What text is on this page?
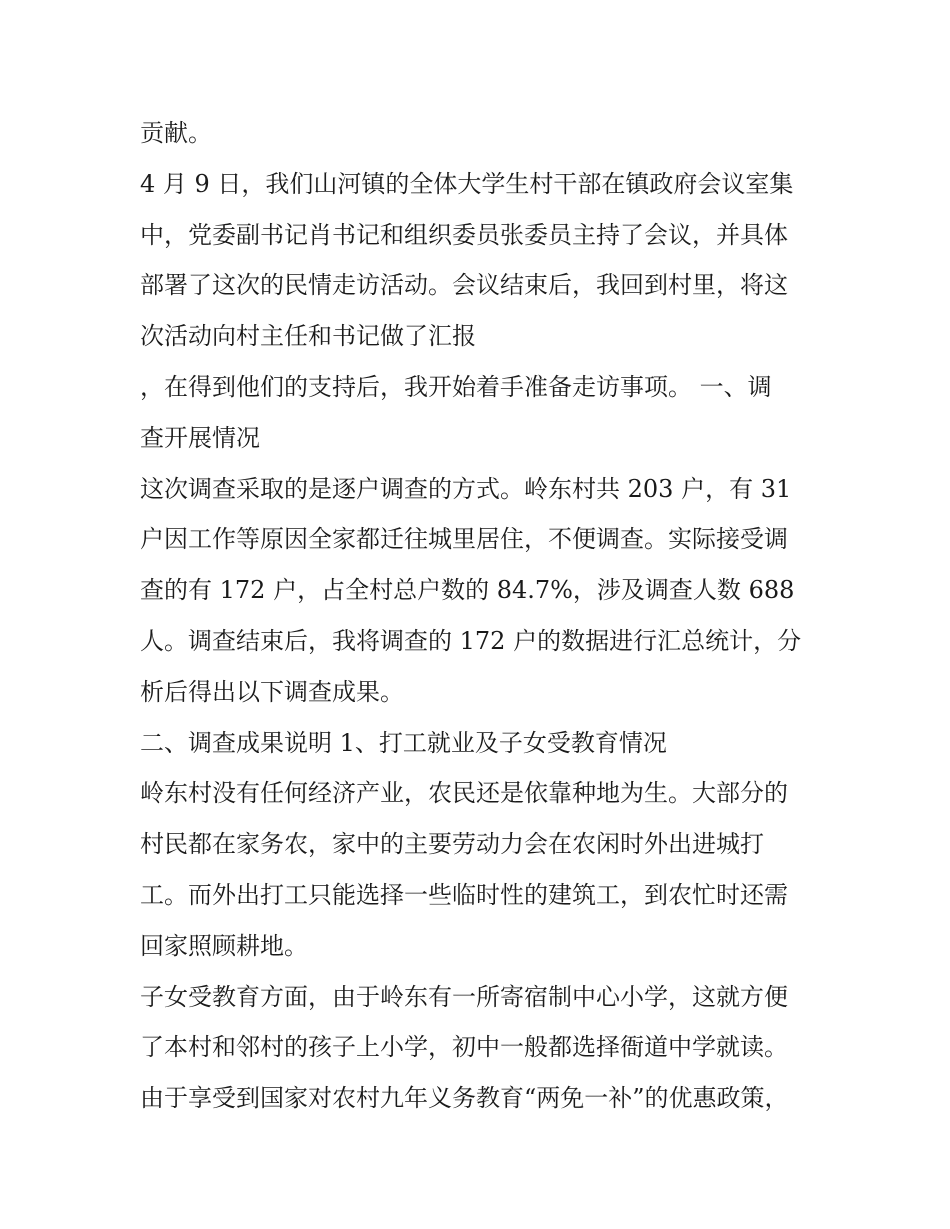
贡献。
4 月 9 日，我们山河镇的全体大学生村干部在镇政府会议室集
中，党委副书记肖书记和组织委员张委员主持了会议，并具体
部署了这次的民情走访活动。会议结束后，我回到村里，将这
次活动向村主任和书记做了汇报
，在得到他们的支持后，我开始着手准备走访事项。 一、调
查开展情况
这次调查采取的是逐户调查的方式。岭东村共 203 户，有 31
户因工作等原因全家都迁往城里居住，不便调查。实际接受调
查的有 172 户，占全村总户数的 84.7%，涉及调查人数 688
人。调查结束后，我将调查的 172 户的数据进行汇总统计，分
析后得出以下调查成果。
二、调查成果说明 1、打工就业及子女受教育情况
岭东村没有任何经济产业，农民还是依靠种地为生。大部分的
村民都在家务农，家中的主要劳动力会在农闲时外出进城打
工。而外出打工只能选择一些临时性的建筑工，到农忙时还需
回家照顾耕地。
子女受教育方面，由于岭东有一所寄宿制中心小学，这就方便
了本村和邻村的孩子上小学，初中一般都选择衙道中学就读。
由于享受到国家对农村九年义务教育“两免一补”的优惠政策，
